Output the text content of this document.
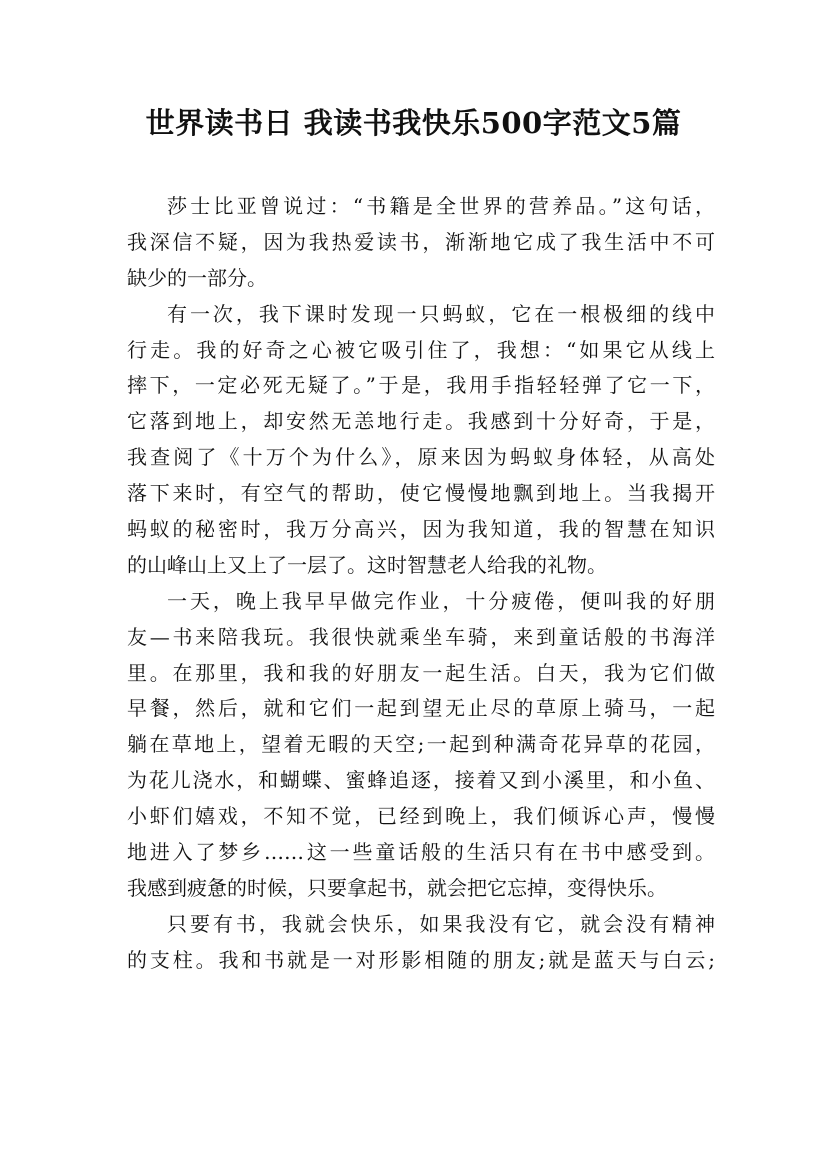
世界读书日 我读书我快乐500字范文5篇
莎士比亚曾说过：“书籍是全世界的营养品。”这句话，
我深信不疑，因为我热爱读书，渐渐地它成了我生活中不可
缺少的一部分。
有一次，我下课时发现一只蚂蚁，它在一根极细的线中
行走。我的好奇之心被它吸引住了，我想：“如果它从线上
摔下，一定必死无疑了。”于是，我用手指轻轻弹了它一下，
它落到地上，却安然无恙地行走。我感到十分好奇，于是，
我查阅了《十万个为什么》，原来因为蚂蚁身体轻，从高处
落下来时，有空气的帮助，使它慢慢地飘到地上。当我揭开
蚂蚁的秘密时，我万分高兴，因为我知道，我的智慧在知识
的山峰山上又上了一层了。这时智慧老人给我的礼物。
一天，晚上我早早做完作业，十分疲倦，便叫我的好朋
友—书来陪我玩。我很快就乘坐车骑，来到童话般的书海洋
里。在那里，我和我的好朋友一起生活。白天，我为它们做
早餐，然后，就和它们一起到望无止尽的草原上骑马，一起
躺在草地上，望着无暇的天空;一起到种满奇花异草的花园，
为花儿浇水，和蝴蝶、蜜蜂追逐，接着又到小溪里，和小鱼、
小虾们嬉戏，不知不觉，已经到晚上，我们倾诉心声，慢慢
地进入了梦乡……这一些童话般的生活只有在书中感受到。
我感到疲惫的时候，只要拿起书，就会把它忘掉，变得快乐。
只要有书，我就会快乐，如果我没有它，就会没有精神
的支柱。我和书就是一对形影相随的朋友;就是蓝天与白云;
